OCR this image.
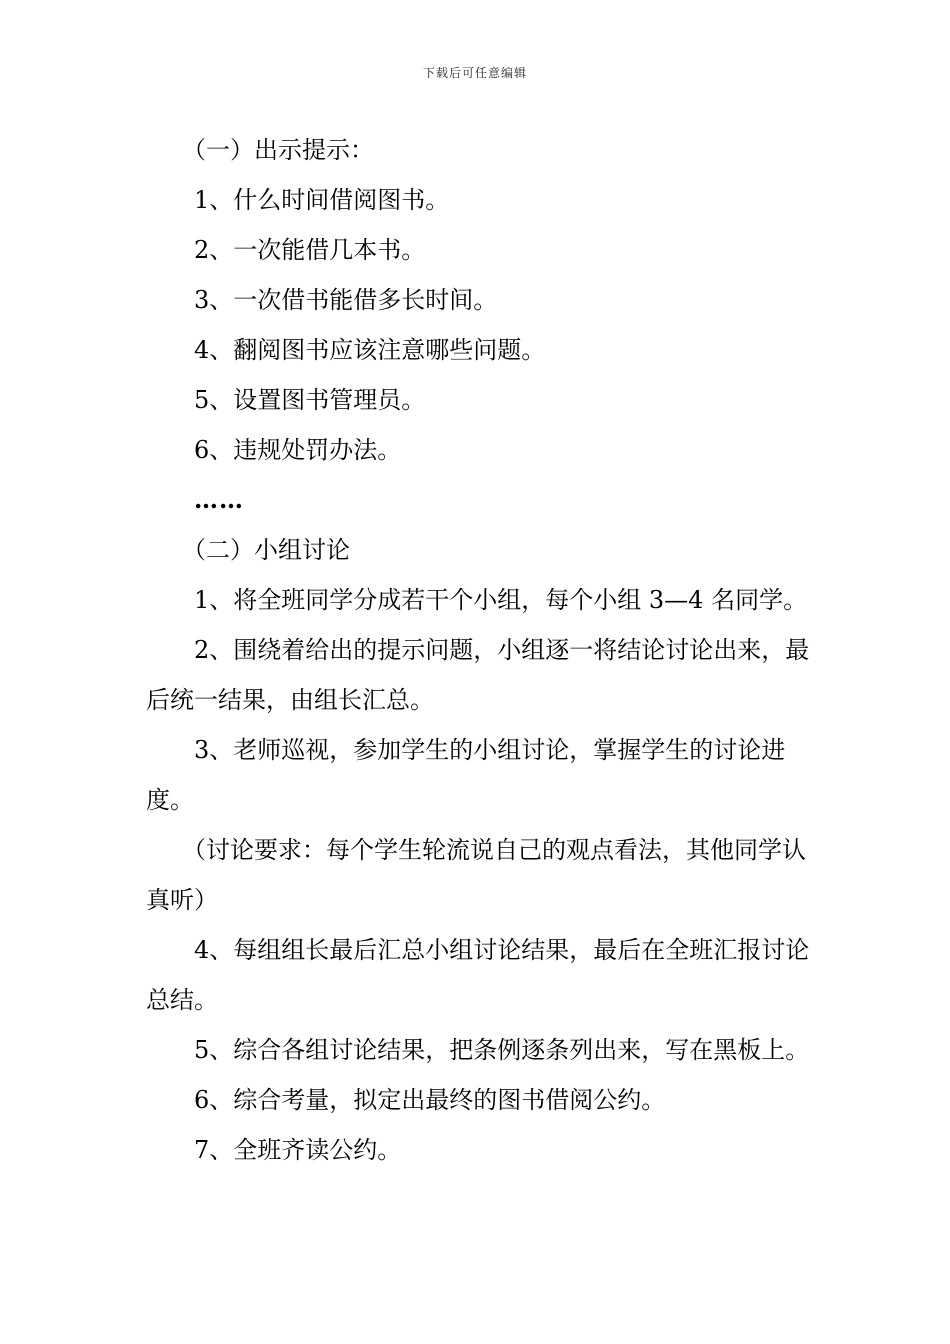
下载后可任意编辑

（一）出示提示：

1、什么时间借阅图书。

2、一次能借几本书。

3、一次借书能借多长时间。

4、翻阅图书应该注意哪些问题。

5、设置图书管理员。

6、违规处罚办法。

……

（二）小组讨论

1、将全班同学分成若干个小组，每个小组 3—4 名同学。

2、围绕着给出的提示问题，小组逐一将结论讨论出来，最后统一结果，由组长汇总。

3、老师巡视，参加学生的小组讨论，掌握学生的讨论进度。

（讨论要求：每个学生轮流说自己的观点看法，其他同学认真听）

4、每组组长最后汇总小组讨论结果，最后在全班汇报讨论总结。

5、综合各组讨论结果，把条例逐条列出来，写在黑板上。

6、综合考量，拟定出最终的图书借阅公约。

7、全班齐读公约。
